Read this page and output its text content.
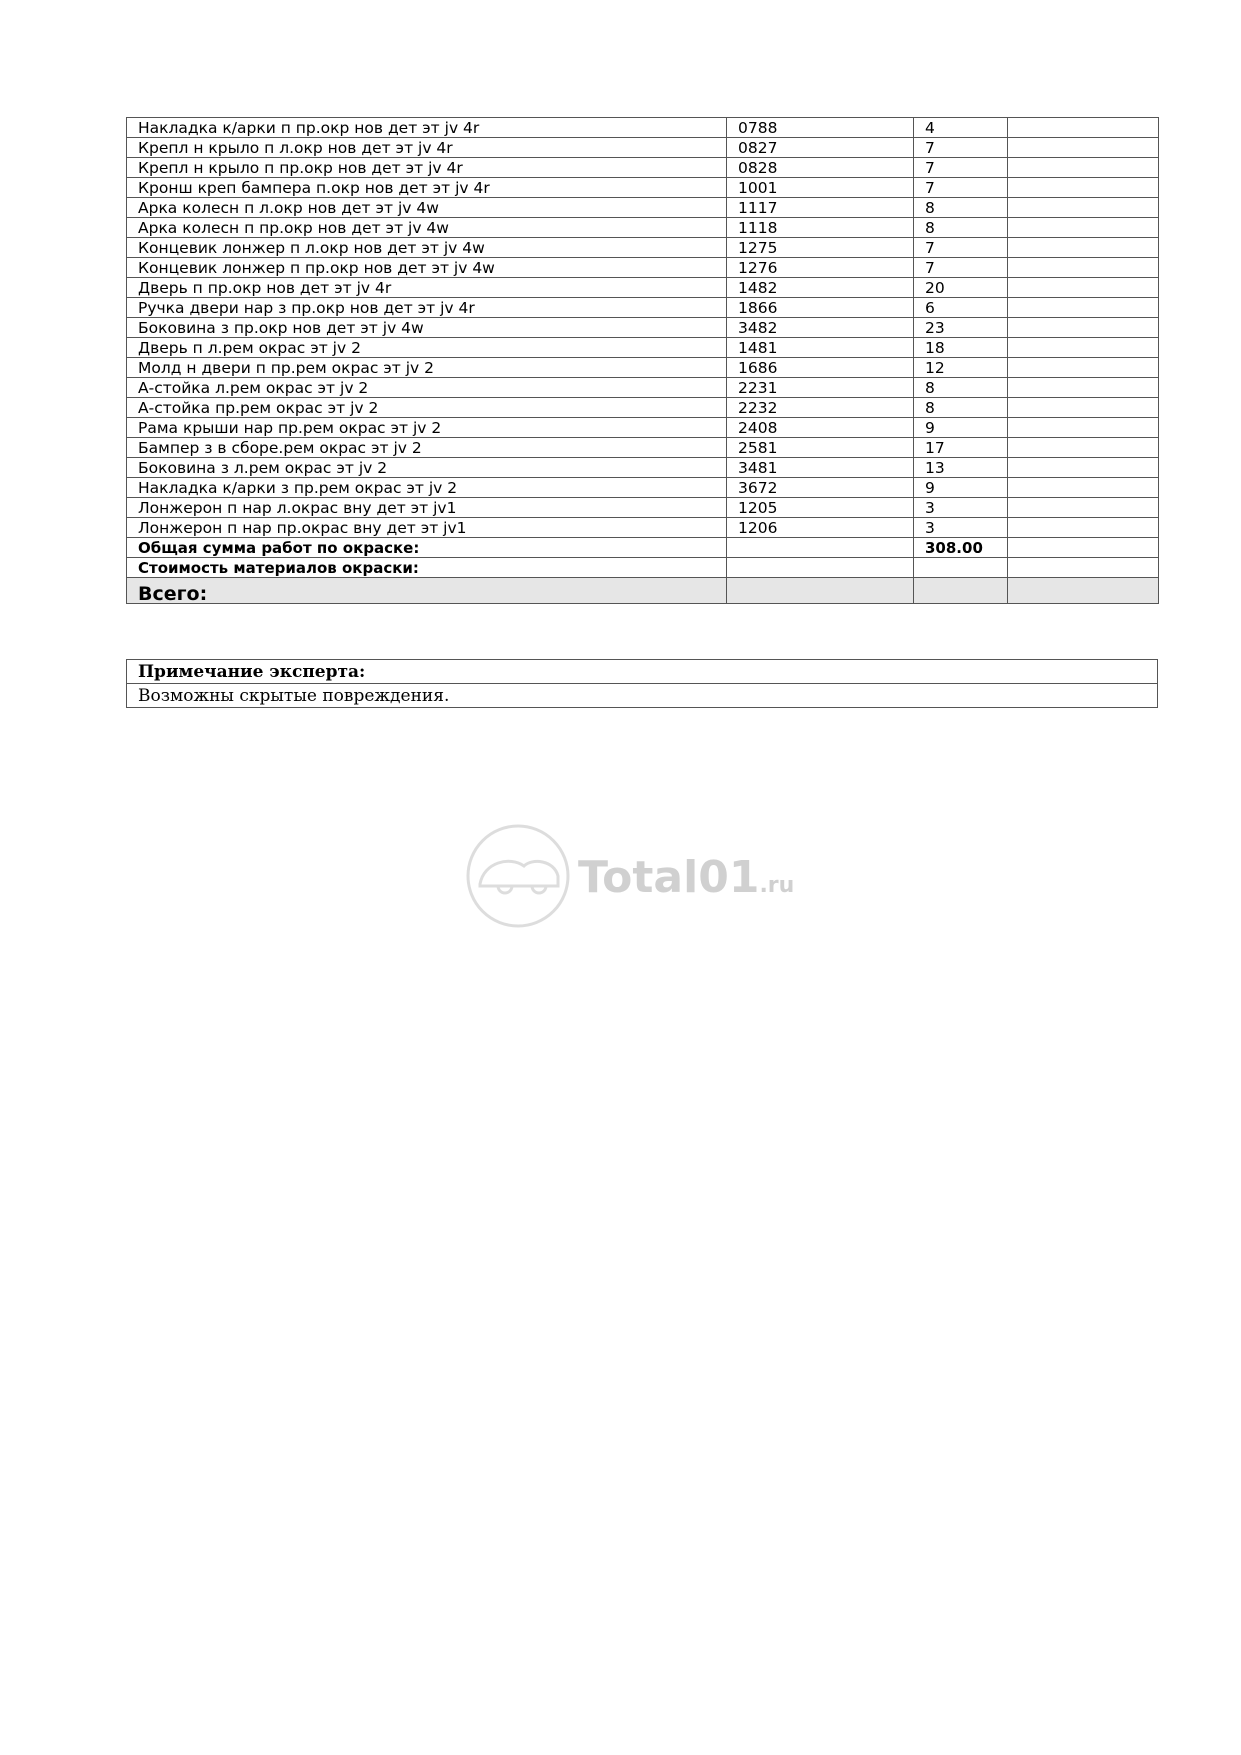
Накладка к/арки п пр.окр нов дет эт jv 4r	0788	4	
Крепл н крыло п л.окр нов дет эт jv 4r	0827	7	
Крепл н крыло п пр.окр нов дет эт jv 4r	0828	7	
Кронш креп бампера п.окр нов дет эт jv 4r	1001	7	
Арка колесн п л.окр нов дет эт jv 4w	1117	8	
Арка колесн п пр.окр нов дет эт jv 4w	1118	8	
Концевик лонжер п л.окр нов дет эт jv 4w	1275	7	
Концевик лонжер п пр.окр нов дет эт jv 4w	1276	7	
Дверь п пр.окр нов дет эт jv 4r	1482	20	
Ручка двери нар з пр.окр нов дет эт jv 4r	1866	6	
Боковина з пр.окр нов дет эт jv 4w	3482	23	
Дверь п л.рем окрас эт jv 2	1481	18	
Молд н двери п пр.рем окрас эт jv 2	1686	12	
А-стойка л.рем окрас эт jv 2	2231	8	
А-стойка пр.рем окрас эт jv 2	2232	8	
Рама крыши нар пр.рем окрас эт jv 2	2408	9	
Бампер з в сборе.рем окрас эт jv 2	2581	17	
Боковина з л.рем окрас эт jv 2	3481	13	
Накладка к/арки з пр.рем окрас эт jv 2	3672	9	
Лонжерон п нар л.окрас вну дет эт jv1	1205	3	
Лонжерон п нар пр.окрас вну дет эт jv1	1206	3	
Общая сумма работ по окраске:		308.00	
Стоимость материалов окраски:			
Всего:			
Примечание эксперта:
Возможны скрытые повреждения.
Total01.ru
